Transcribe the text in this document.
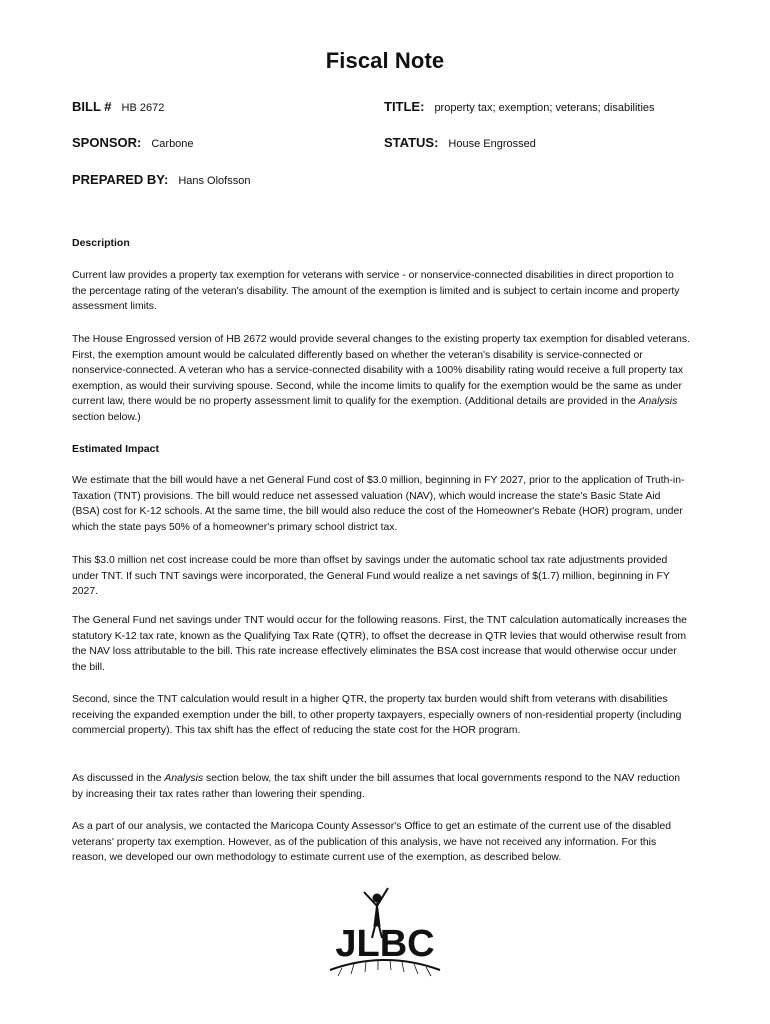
Fiscal Note
BILL # HB 2672	TITLE: property tax; exemption; veterans; disabilities
SPONSOR: Carbone	STATUS: House Engrossed
PREPARED BY: Hans Olofsson
Description

Current law provides a property tax exemption for veterans with service - or nonservice-connected disabilities in direct proportion to the percentage rating of the veteran's disability. The amount of the exemption is limited and is subject to certain income and property assessment limits.

The House Engrossed version of HB 2672 would provide several changes to the existing property tax exemption for disabled veterans. First, the exemption amount would be calculated differently based on whether the veteran's disability is service-connected or nonservice-connected. A veteran who has a service-connected disability with a 100% disability rating would receive a full property tax exemption, as would their surviving spouse. Second, while the income limits to qualify for the exemption would be the same as under current law, there would be no property assessment limit to qualify for the exemption. (Additional details are provided in the Analysis section below.)

Estimated Impact

We estimate that the bill would have a net General Fund cost of $3.0 million, beginning in FY 2027, prior to the application of Truth-in-Taxation (TNT) provisions. The bill would reduce net assessed valuation (NAV), which would increase the state's Basic State Aid (BSA) cost for K-12 schools. At the same time, the bill would also reduce the cost of the Homeowner's Rebate (HOR) program, under which the state pays 50% of a homeowner's primary school district tax.

This $3.0 million net cost increase could be more than offset by savings under the automatic school tax rate adjustments provided under TNT. If such TNT savings were incorporated, the General Fund would realize a net savings of $(1.7) million, beginning in FY 2027.

The General Fund net savings under TNT would occur for the following reasons. First, the TNT calculation automatically increases the statutory K-12 tax rate, known as the Qualifying Tax Rate (QTR), to offset the decrease in QTR levies that would otherwise result from the NAV loss attributable to the bill. This rate increase effectively eliminates the BSA cost increase that would otherwise occur under the bill.

Second, since the TNT calculation would result in a higher QTR, the property tax burden would shift from veterans with disabilities receiving the expanded exemption under the bill, to other property taxpayers, especially owners of non-residential property (including commercial property). This tax shift has the effect of reducing the state cost for the HOR program.

As discussed in the Analysis section below, the tax shift under the bill assumes that local governments respond to the NAV reduction by increasing their tax rates rather than lowering their spending.

As a part of our analysis, we contacted the Maricopa County Assessor's Office to get an estimate of the current use of the disabled veterans' property tax exemption. However, as of the publication of this analysis, we have not received any information. For this reason, we developed our own methodology to estimate current use of the exemption, as described below.

JLBC
